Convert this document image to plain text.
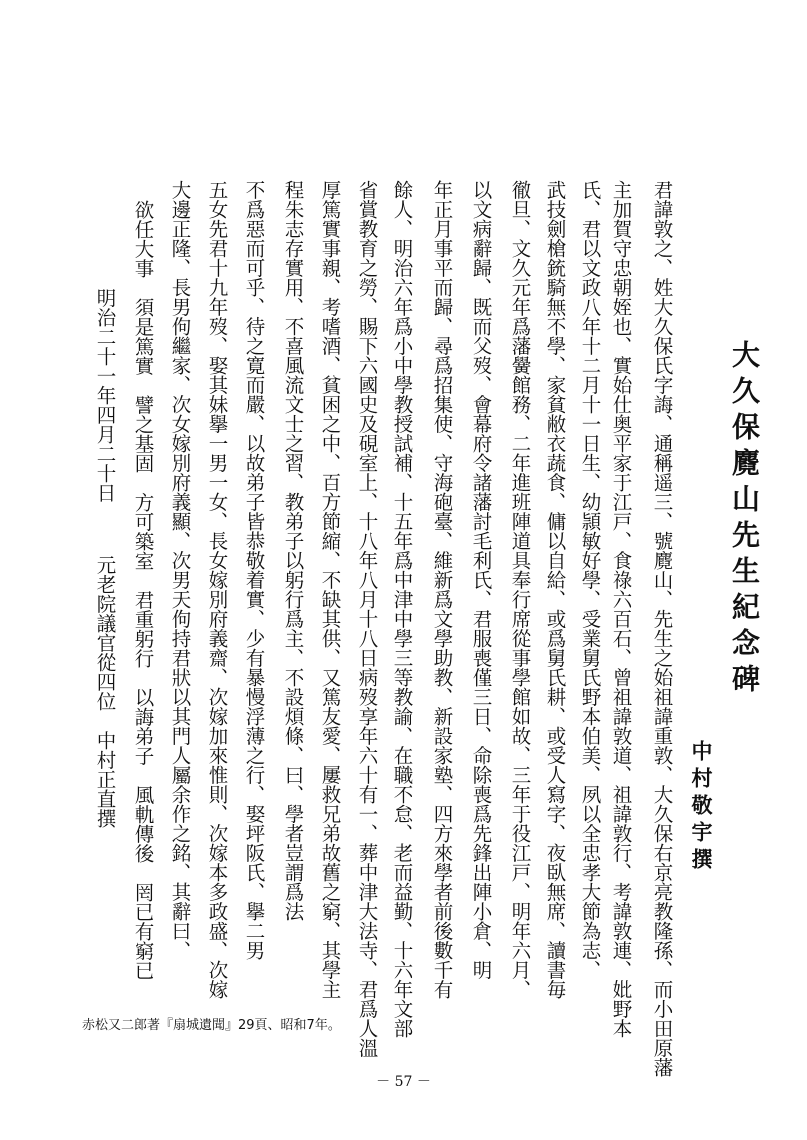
大久保麑山先生紀念碑
中村敬宇撰
君諱敦之、姓大久保氏字誨、通稱遥三、號麑山、先生之始祖諱重敦、大久保右京亮教隆孫、而小田原藩
主加賀守忠朝姪也、實始仕奥平家于江戸、食祿六百石、曾祖諱敦道、祖諱敦行、考諱敦連、妣野本
氏、君以文政八年十二月十一日生、幼頴敏好學、受業舅氏野本伯美、夙以全忠孝大節為志、
武技劍槍銃騎無不學、家貧敝衣蔬食、傭以自給、或爲舅氏耕、或受人寫字、夜臥無席、讀書毎
徹旦、文久元年爲藩黌館務、二年進班陣道具奉行席從事學館如故、三年于役江戸、明年六月、
以文病辭歸、既而父歿、會幕府令諸藩討毛利氏、君服喪僅三日、命除喪爲先鋒出陣小倉、明
年正月事平而歸、尋爲招集使、守海砲臺、維新爲文學助教、新設家塾、四方來學者前後數千有
餘人、明治六年爲小中學教授試補、十五年爲中津中學三等教諭、在職不怠、老而益勤、十六年文部
省賞教育之勞、賜下六國史及硯室上、十八年八月十八日病歿享年六十有一、葬中津大法寺、君爲人溫
厚篤實事親、考嗜酒、貧困之中、百方節縮、不缺其供、又篤友愛、屢救兄弟故舊之窮、其學主
程朱志存實用、不喜風流文士之習、教弟子以躬行爲主、不設煩條、曰、學者豈謂爲法
不爲惡而可乎、待之寛而嚴、以故弟子皆恭敬着實、少有暴慢浮薄之行、娶坪阪氏、擧二男
五女先君十九年歿、娶其妹擧一男一女、長女嫁別府義齋、次嫁加來惟則、次嫁本多政盛、次嫁
大邊正隆、長男佝繼家、次女嫁別府義顯、次男天佝持君狀以其門人屬余作之銘、其辭曰、
欲任大事　須是篤實　譬之基固　方可築室　君重躬行　以誨弟子　風軌傳後　罔已有窮已
明治二十一年四月二十日
元老院議官從四位　中村正直撰
赤松又二郎著『扇城遺聞』29頁、昭和7年。
－ 57 －
